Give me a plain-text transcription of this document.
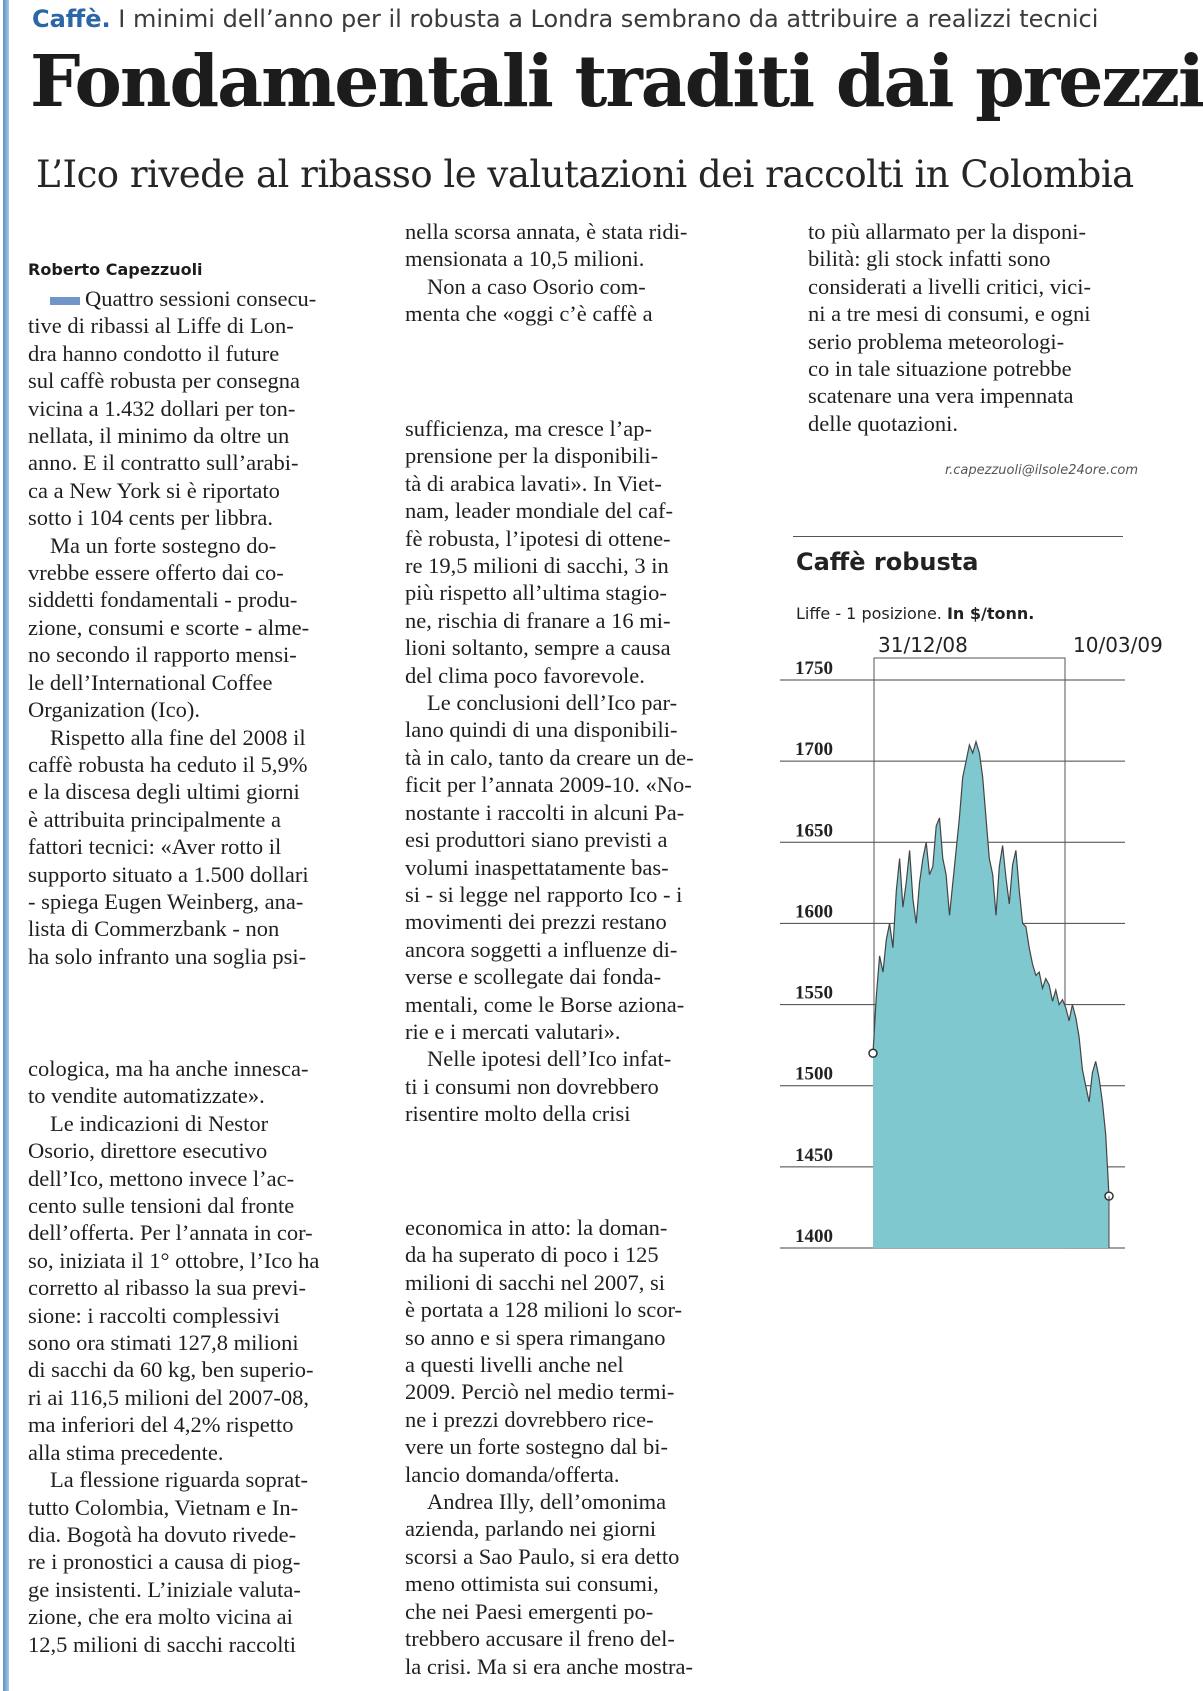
Caffè. I minimi dell’anno per il robusta a Londra sembrano da attribuire a realizzi tecnici
Fondamentali traditi dai prezzi
L’Ico rivede al ribasso le valutazioni dei raccolti in Colombia
Roberto Capezzuoli

Quattro sessioni consecu-

tive di ribassi al Liffe di Lon-

dra hanno condotto il future

sul caffè robusta per consegna

vicina a 1.432 dollari per ton-

nellata, il minimo da oltre un

anno. E il contratto sull’arabi-

ca a New York si è riportato

sotto i 104 cents per libbra.

Ma un forte sostegno do-

vrebbe essere offerto dai co-

siddetti fondamentali - produ-

zione, consumi e scorte - alme-

no secondo il rapporto mensi-

le dell’International Coffee

Organization (Ico).

Rispetto alla fine del 2008 il

caffè robusta ha ceduto il 5,9%

e la discesa degli ultimi giorni

è attribuita principalmente a

fattori tecnici: «Aver rotto il

supporto situato a 1.500 dollari

- spiega Eugen Weinberg, ana-

lista di Commerzbank - non

ha solo infranto una soglia psi-

cologica, ma ha anche innesca-

to vendite automatizzate».

Le indicazioni di Nestor

Osorio, direttore esecutivo

dell’Ico, mettono invece l’ac-

cento sulle tensioni dal fronte

dell’offerta. Per l’annata in cor-

so, iniziata il 1° ottobre, l’Ico ha

corretto al ribasso la sua previ-

sione: i raccolti complessivi

sono ora stimati 127,8 milioni

di sacchi da 60 kg, ben superio-

ri ai 116,5 milioni del 2007-08,

ma inferiori del 4,2% rispetto

alla stima precedente.

La flessione riguarda soprat-

tutto Colombia, Vietnam e In-

dia. Bogotà ha dovuto rivede-

re i pronostici a causa di piog-

ge insistenti. L’iniziale valuta-

zione, che era molto vicina ai

12,5 milioni di sacchi raccolti

nella scorsa annata, è stata ridi-

mensionata a 10,5 milioni.

Non a caso Osorio com-

menta che «oggi c’è caffè a

sufficienza, ma cresce l’ap-

prensione per la disponibili-

tà di arabica lavati». In Viet-

nam, leader mondiale del caf-

fè robusta, l’ipotesi di ottene-

re 19,5 milioni di sacchi, 3 in

più rispetto all’ultima stagio-

ne, rischia di franare a 16 mi-

lioni soltanto, sempre a causa

del clima poco favorevole.

Le conclusioni dell’Ico par-

lano quindi di una disponibili-

tà in calo, tanto da creare un de-

ficit per l’annata 2009-10. «No-

nostante i raccolti in alcuni Pa-

esi produttori siano previsti a

volumi inaspettatamente bas-

si - si legge nel rapporto Ico - i

movimenti dei prezzi restano

ancora soggetti a influenze di-

verse e scollegate dai fonda-

mentali, come le Borse aziona-

rie e i mercati valutari».

Nelle ipotesi dell’Ico infat-

ti i consumi non dovrebbero

risentire molto della crisi

economica in atto: la doman-

da ha superato di poco i 125

milioni di sacchi nel 2007, si

è portata a 128 milioni lo scor-

so anno e si spera rimangano

a questi livelli anche nel

2009. Perciò nel medio termi-

ne i prezzi dovrebbero rice-

vere un forte sostegno dal bi-

lancio domanda/offerta.

Andrea Illy, dell’omonima

azienda, parlando nei giorni

scorsi a Sao Paulo, si era detto

meno ottimista sui consumi,

che nei Paesi emergenti po-

trebbero accusare il freno del-

la crisi. Ma si era anche mostra-

to più allarmato per la disponi-

bilità: gli stock infatti sono

considerati a livelli critici, vici-

ni a tre mesi di consumi, e ogni

serio problema meteorologi-

co in tale situazione potrebbe

scatenare una vera impennata

delle quotazioni.

r.capezzuoli@ilsole24ore.com
Caffè robusta
Liffe - 1 posizione. In $/tonn.
1750
1700
1650
1600
1550
1500
1450
1400
31/12/08	10/03/09
